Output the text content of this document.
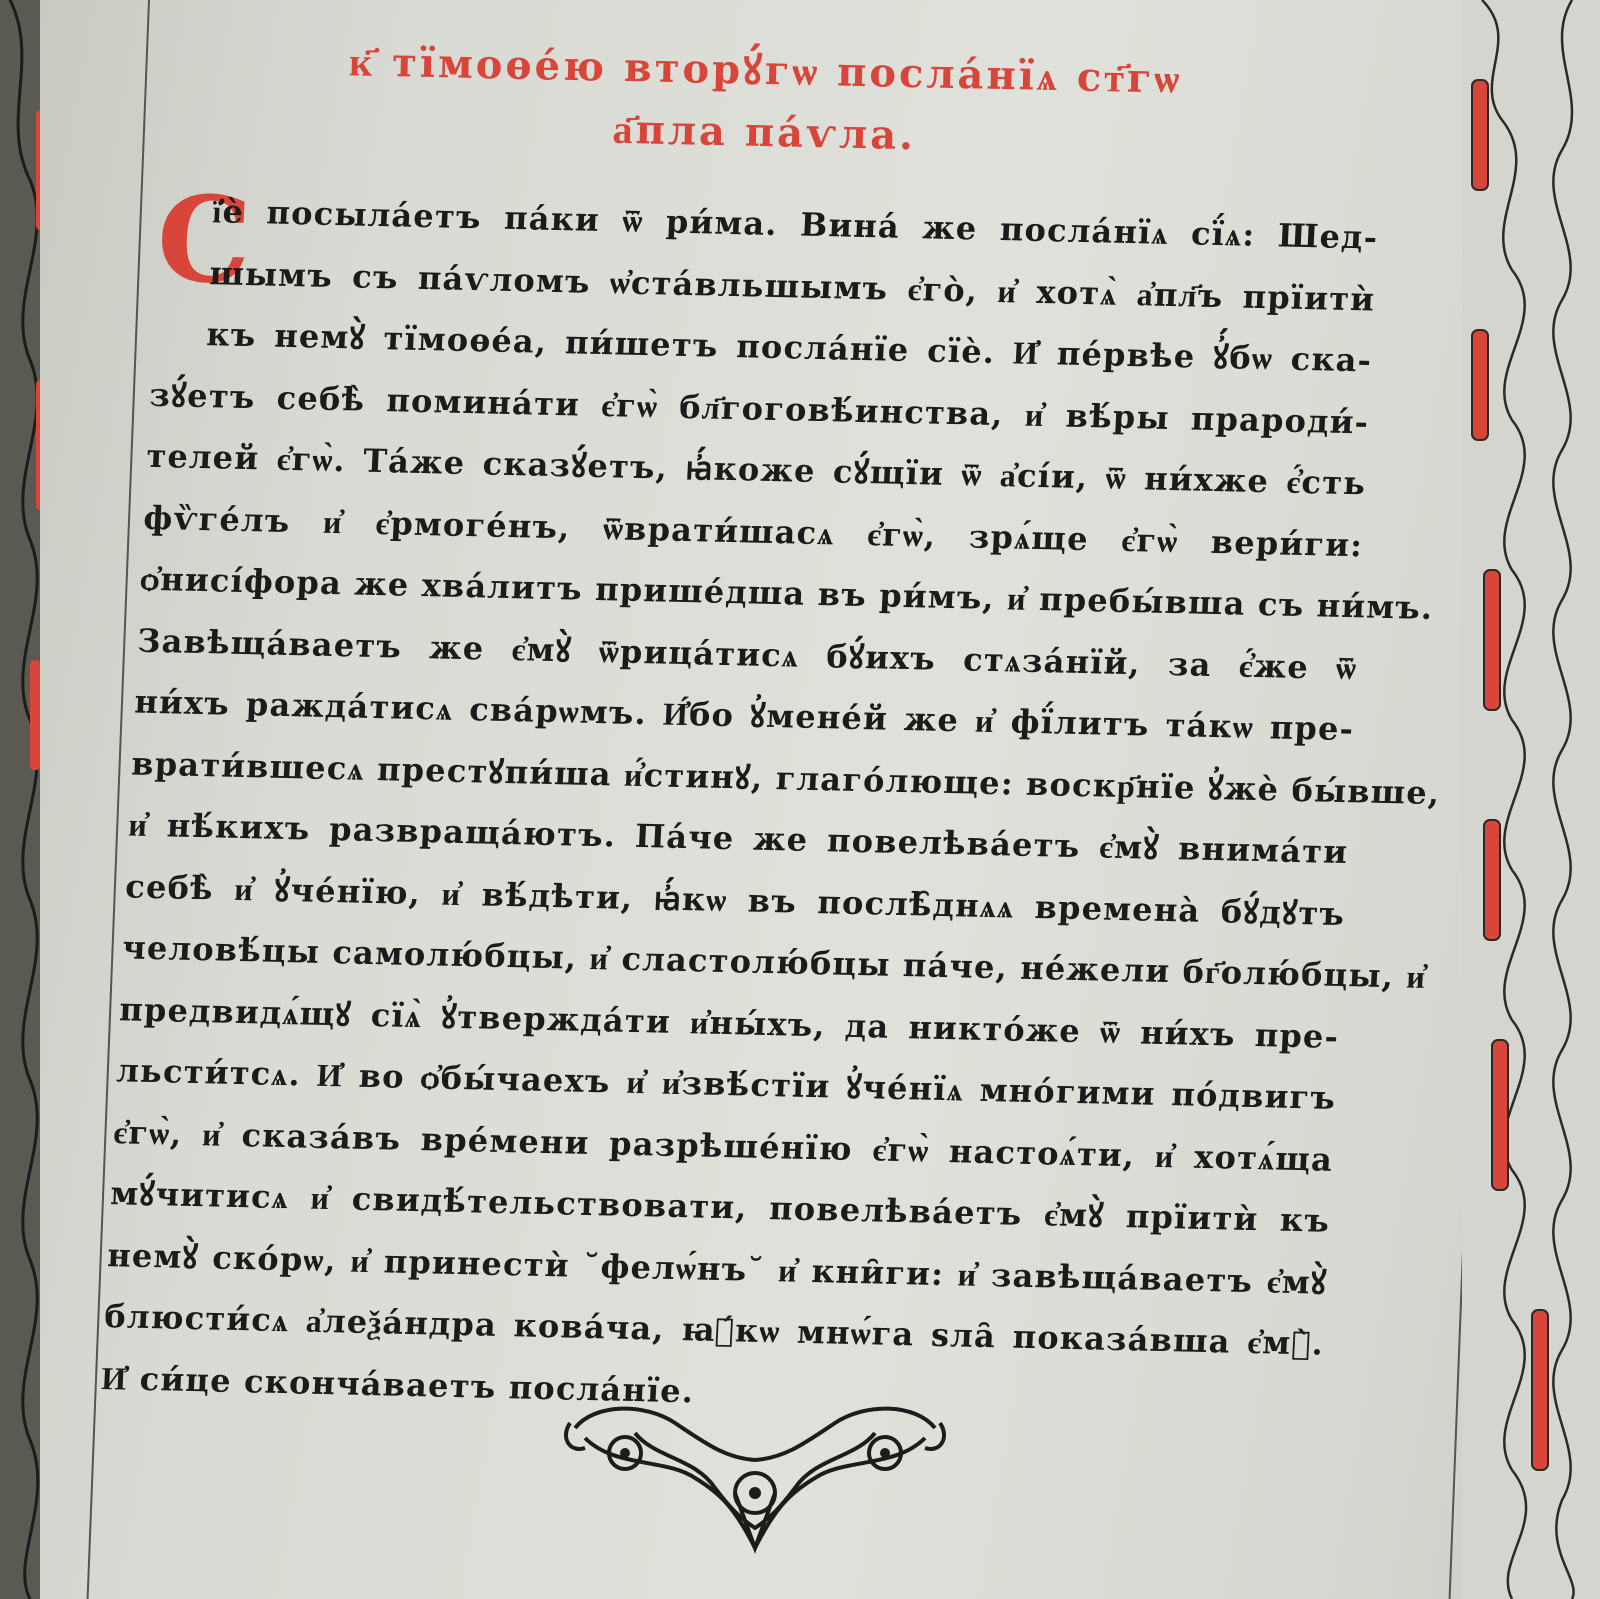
к҃ тїмоѳе́ю вторꙋ́гѡ посла́нїѧ ст҃гѡ
а҃пла па́ѵла.
С
ї҆ѐ посыла́етъ па́ки ѿ ри́ма. Вина́ же посла́нїѧ сї́ѧ: Шед-
шымъ съ па́ѵломъ ѡ҆ста́вльшымъ є҆го̀, и҆ хотѧ̀ а҆пл҃ъ прїитѝ
къ немꙋ̀ тїмоѳе́а, пи́шетъ посла́нїе сїѐ. И҆ пе́рвѣе ꙋ҆́бѡ ска-
зꙋ́етъ себѣ̀ помина́ти є҆гѡ̀ бл҃гоговѣ́инства, и҆ вѣ́ры прароди́-
телей є҆гѡ̀. Та́же сказꙋ́етъ, ꙗ҆́коже сꙋ́щїи ѿ а҆сі́и, ѿ ни́хже є҆́сть
фѷге́лъ и҆ є҆рмоге́нъ, ѿврати́шасѧ є҆гѡ̀, зрѧ́ще є҆гѡ̀ вери́ги:
ѻ҆нисі́фора же хва́литъ прише́дша въ ри́мъ, и҆ пребы́вша съ ни́мъ.
Завѣща́ваетъ же є҆мꙋ̀ ѿрица́тисѧ бꙋ́ихъ стѧза́нїй, за є҆́же ѿ
ни́хъ ражда́тисѧ сва́рѡмъ. И҆́бо ꙋ҆мене́й же и҆ фї́литъ та́кѡ пре-
врати́вшесѧ престꙋпи́ша и҆́стинꙋ, глаго́люще: воскр҃нїе ꙋ҆жѐ бы́вше,
и҆ нѣ́кихъ развраща́ютъ. Па́че же повелѣва́етъ є҆мꙋ̀ внима́ти
себѣ̀ и҆ ꙋ҆че́нїю, и҆ вѣ́дѣти, ꙗ҆́кѡ въ послѣ̑днѧѧ времена̀ бꙋ́дꙋтъ
человѣ́цы самолю́бцы, и҆ сластолю́бцы па́че, не́жели бг҃олю́бцы, и҆
предвидѧ́щꙋ сїѧ̀ ꙋ҆твержда́ти и҆ны́хъ, да никто́же ѿ ни́хъ пре-
льсти́тсѧ. И҆ во ѻ҆бы́чаехъ и҆ и҆звѣ́стїи ꙋ҆че́нїѧ мно́гими по́двигъ
є҆гѡ̀, и҆ сказа́въ вре́мени разрѣше́нїю є҆гѡ̀ настоѧ́ти, и҆ хотѧ́ща
мꙋ́читисѧ и҆ свидѣ́тельствовати, повелѣва́етъ є҆мꙋ̀ прїитѝ къ
немꙋ̀ ско́рѡ, и҆ принестѝ ˘фелѡ́нъ˘ и҆ кни̑ги: и҆ завѣща́ваетъ є҆мꙋ̀
блюсти́сѧ а҆леѯа́ндра кова́ча, ꙗ҆́кѡ мнѡ́га ѕла̑ показа́вша є҆мꙋ̀.
И҆ си́це сконча́ваетъ посла́нїе.
